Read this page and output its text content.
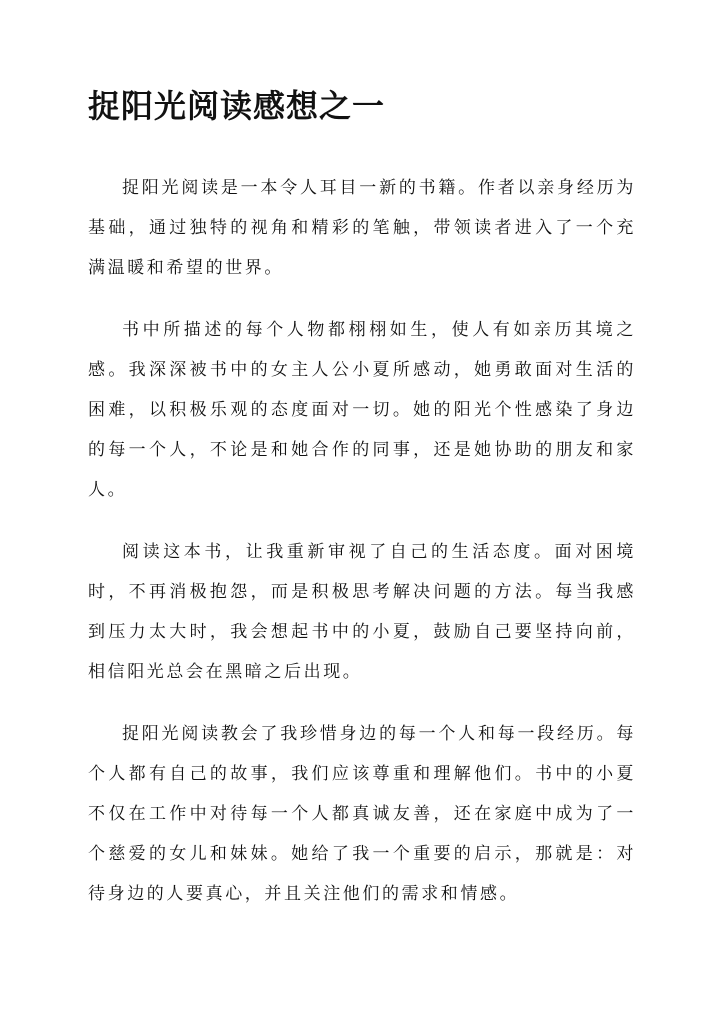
捉阳光阅读感想之一

捉阳光阅读是一本令人耳目一新的书籍。作者以亲身经历为基础，通过独特的视角和精彩的笔触，带领读者进入了一个充满温暖和希望的世界。

书中所描述的每个人物都栩栩如生，使人有如亲历其境之感。我深深被书中的女主人公小夏所感动，她勇敢面对生活的困难，以积极乐观的态度面对一切。她的阳光个性感染了身边的每一个人，不论是和她合作的同事，还是她协助的朋友和家人。

阅读这本书，让我重新审视了自己的生活态度。面对困境时，不再消极抱怨，而是积极思考解决问题的方法。每当我感到压力太大时，我会想起书中的小夏，鼓励自己要坚持向前，相信阳光总会在黑暗之后出现。

捉阳光阅读教会了我珍惜身边的每一个人和每一段经历。每个人都有自己的故事，我们应该尊重和理解他们。书中的小夏不仅在工作中对待每一个人都真诚友善，还在家庭中成为了一个慈爱的女儿和妹妹。她给了我一个重要的启示，那就是：对待身边的人要真心，并且关注他们的需求和情感。
